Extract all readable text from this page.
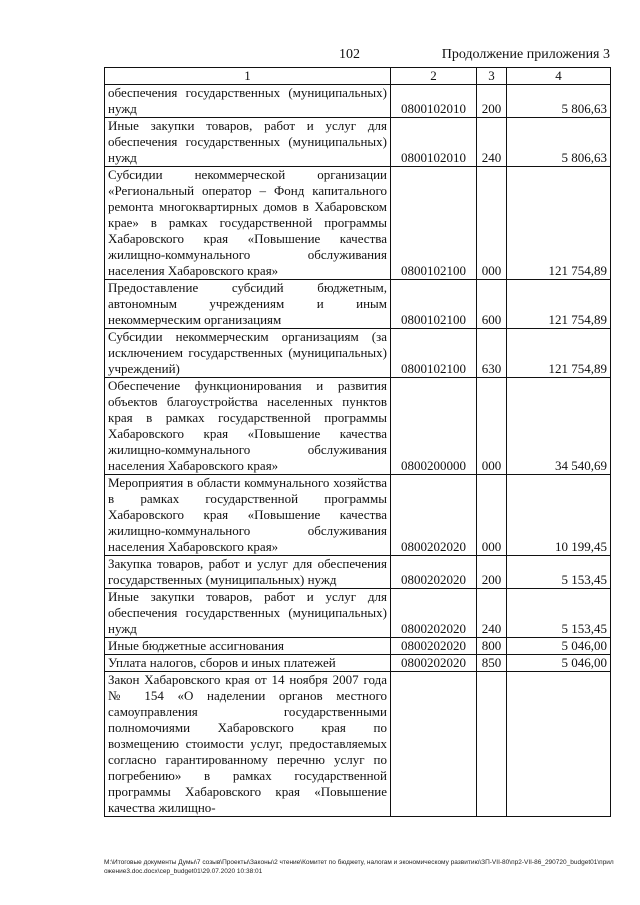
102	Продолжение приложения 3
1	2	3	4
обеспечения государственных (муниципальных) нужд	0800102010	200	5 806,63
Иные закупки товаров, работ и услуг для обеспечения государственных (муниципальных) нужд	0800102010	240	5 806,63
Субсидии некоммерческой организации «Региональный оператор – Фонд капитального ремонта многоквартирных домов в Хабаровском крае» в рамках государственной программы Хабаровского края «Повышение качества жилищно-коммунального обслуживания населения Хабаровского края»	0800102100	000	121 754,89
Предоставление субсидий бюджетным, автономным учреждениям и иным некоммерческим организациям	0800102100	600	121 754,89
Субсидии некоммерческим организациям (за исключением государственных (муниципальных) учреждений)	0800102100	630	121 754,89
Обеспечение функционирования и развития объектов благоустройства населенных пунктов края в рамках государственной программы Хабаровского края «Повышение качества жилищно-коммунального обслуживания населения Хабаровского края»	0800200000	000	34 540,69
Мероприятия в области коммунального хозяйства в рамках государственной программы Хабаровского края «Повышение качества жилищно-коммунального обслуживания населения Хабаровского края»	0800202020	000	10 199,45
Закупка товаров, работ и услуг для обеспечения государственных (муниципальных) нужд	0800202020	200	5 153,45
Иные закупки товаров, работ и услуг для обеспечения государственных (муниципальных) нужд	0800202020	240	5 153,45
Иные бюджетные ассигнования	0800202020	800	5 046,00
Уплата налогов, сборов и иных платежей	0800202020	850	5 046,00
Закон Хабаровского края от 14 ноября 2007 года № 154 «О наделении органов местного самоуправления государственными полномочиями Хабаровского края по возмещению стоимости услуг, предоставляемых согласно гарантированному перечню услуг по погребению» в рамках государственной программы Хабаровского края «Повышение качества жилищно-			
M:\Итоговые документы Думы\7 созыв\Проекты\Законы\2 чтение\Комитет по бюджету, налогам и экономическому развитию\ЗП-VII-80\пр2-VII-86_290720_budget01\приложение3.doc.docx\сер_budget01\29.07.2020 10:38:01
